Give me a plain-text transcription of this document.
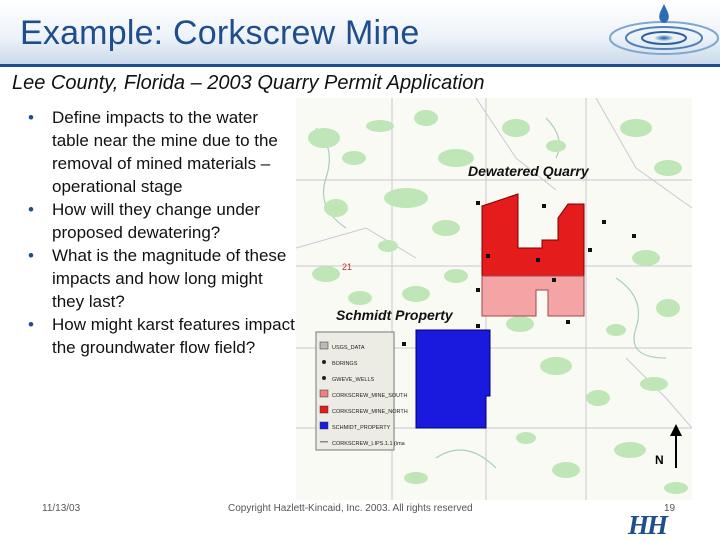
Example: Corkscrew Mine
Lee County, Florida – 2003 Quarry Permit Application
• Define impacts to the water table near the mine due to the removal of mined materials – operational stage
• How will they change under proposed dewatering?
• What is the magnitude of these impacts and how long might they last?
• How might karst features impact the groundwater flow field?	USGS_DATA
BORINGS
GWEVE_WELLS
CORKSCREW_MINE_SOUTH
CORKSCREW_MINE_NORTH
SCHMIDT_PROPERTY
CORKSCREW_LIPS.1.1 (ima
Dewatered Quarry
Schmidt Property
21
N
11/13/03	Copyright Hazlett-Kincaid, Inc. 2003. All rights reserved	19
HH
